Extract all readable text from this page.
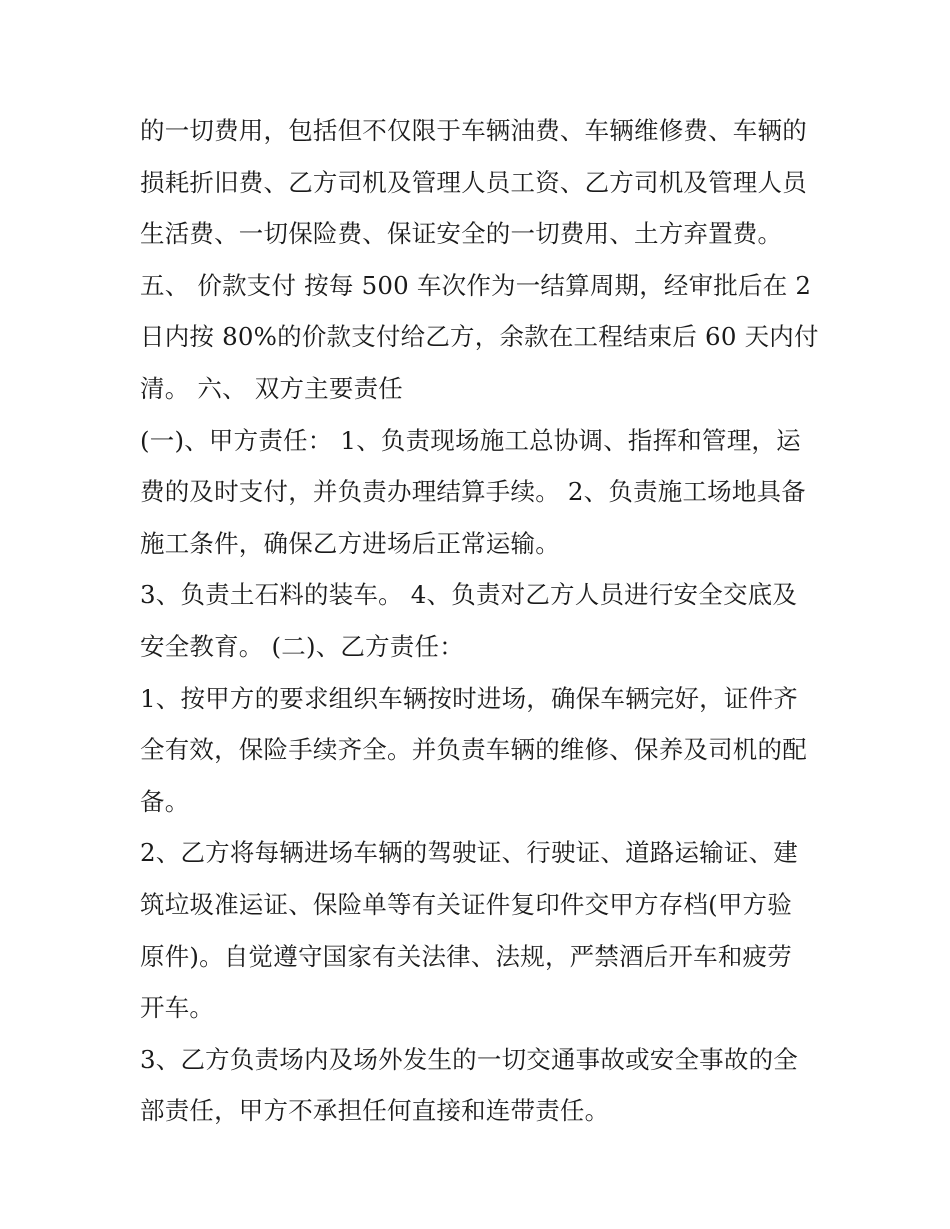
的一切费用，包括但不仅限于车辆油费、车辆维修费、车辆的
损耗折旧费、乙方司机及管理人员工资、乙方司机及管理人员
生活费、一切保险费、保证安全的一切费用、土方弃置费。
五、 价款支付 按每 500 车次作为一结算周期，经审批后在 2
日内按 80%的价款支付给乙方，余款在工程结束后 60 天内付
清。 六、 双方主要责任
(一)、甲方责任： 1、负责现场施工总协调、指挥和管理，运
费的及时支付，并负责办理结算手续。 2、负责施工场地具备
施工条件，确保乙方进场后正常运输。
3、负责土石料的装车。 4、负责对乙方人员进行安全交底及
安全教育。 (二)、乙方责任：
1、按甲方的要求组织车辆按时进场，确保车辆完好，证件齐
全有效，保险手续齐全。并负责车辆的维修、保养及司机的配
备。
2、乙方将每辆进场车辆的驾驶证、行驶证、道路运输证、建
筑垃圾准运证、保险单等有关证件复印件交甲方存档(甲方验
原件)。自觉遵守国家有关法律、法规，严禁酒后开车和疲劳
开车。
3、乙方负责场内及场外发生的一切交通事故或安全事故的全
部责任，甲方不承担任何直接和连带责任。
